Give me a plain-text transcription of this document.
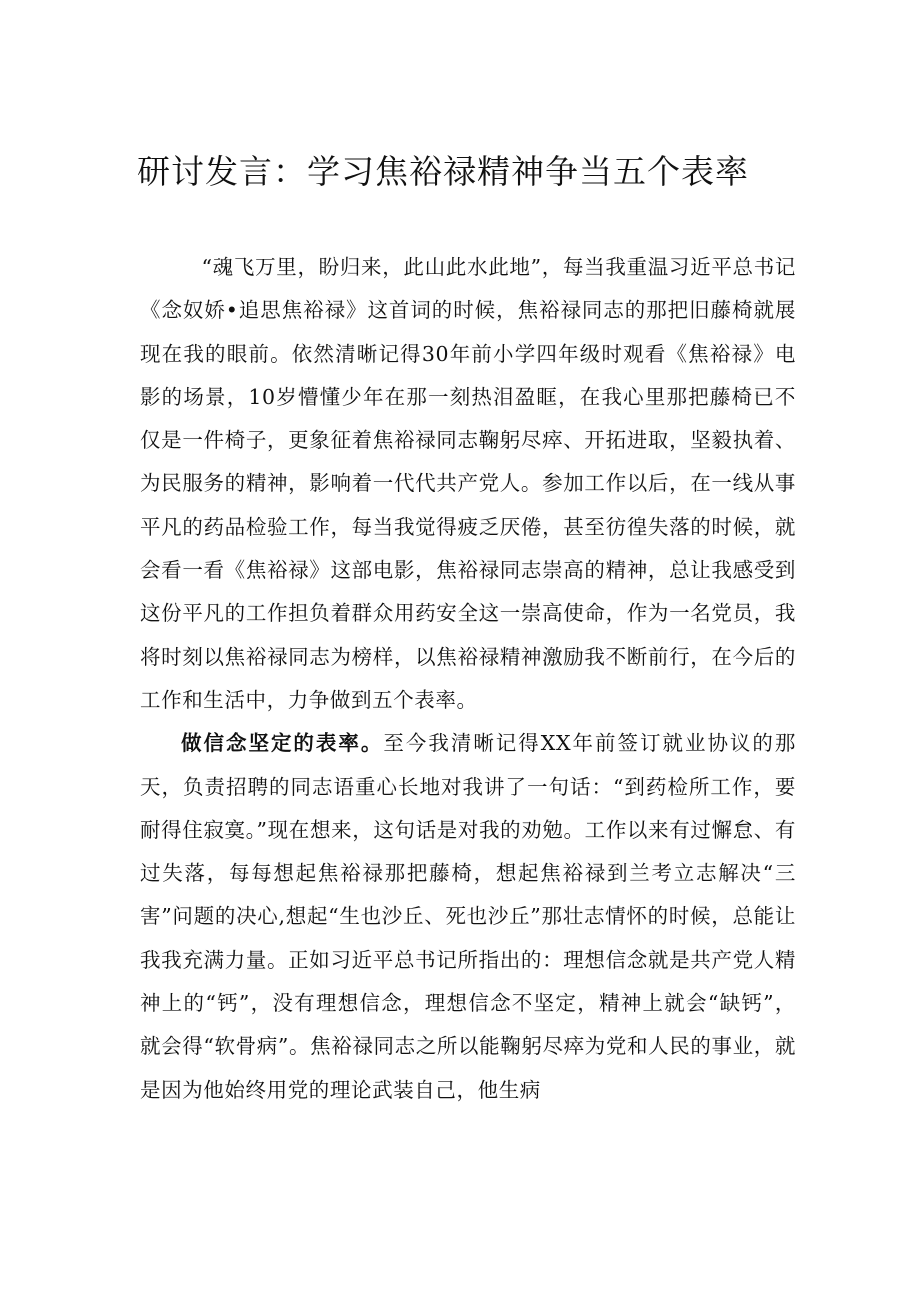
研讨发言：学习焦裕禄精神争当五个表率

“魂飞万里，盼归来，此山此水此地”，每当我重温习近平总书记《念奴娇•追思焦裕禄》这首词的时候，焦裕禄同志的那把旧藤椅就展现在我的眼前。依然清晰记得30年前小学四年级时观看《焦裕禄》电影的场景，10岁懵懂少年在那一刻热泪盈眶，在我心里那把藤椅已不仅是一件椅子，更象征着焦裕禄同志鞠躬尽瘁、开拓进取，坚毅执着、为民服务的精神，影响着一代代共产党人。参加工作以后，在一线从事平凡的药品检验工作，每当我觉得疲乏厌倦，甚至彷徨失落的时候，就会看一看《焦裕禄》这部电影，焦裕禄同志崇高的精神，总让我感受到这份平凡的工作担负着群众用药安全这一崇高使命，作为一名党员，我将时刻以焦裕禄同志为榜样，以焦裕禄精神激励我不断前行，在今后的工作和生活中，力争做到五个表率。

做信念坚定的表率。至今我清晰记得XX年前签订就业协议的那天，负责招聘的同志语重心长地对我讲了一句话：“到药检所工作，要耐得住寂寞。”现在想来，这句话是对我的劝勉。工作以来有过懈怠、有过失落，每每想起焦裕禄那把藤椅，想起焦裕禄到兰考立志解决“三害”问题的决心,想起“生也沙丘、死也沙丘”那壮志情怀的时候，总能让我我充满力量。正如习近平总书记所指出的：理想信念就是共产党人精神上的“钙”，没有理想信念，理想信念不坚定，精神上就会“缺钙”，就会得“软骨病”。焦裕禄同志之所以能鞠躬尽瘁为党和人民的事业，就是因为他始终用党的理论武装自己，他生病
